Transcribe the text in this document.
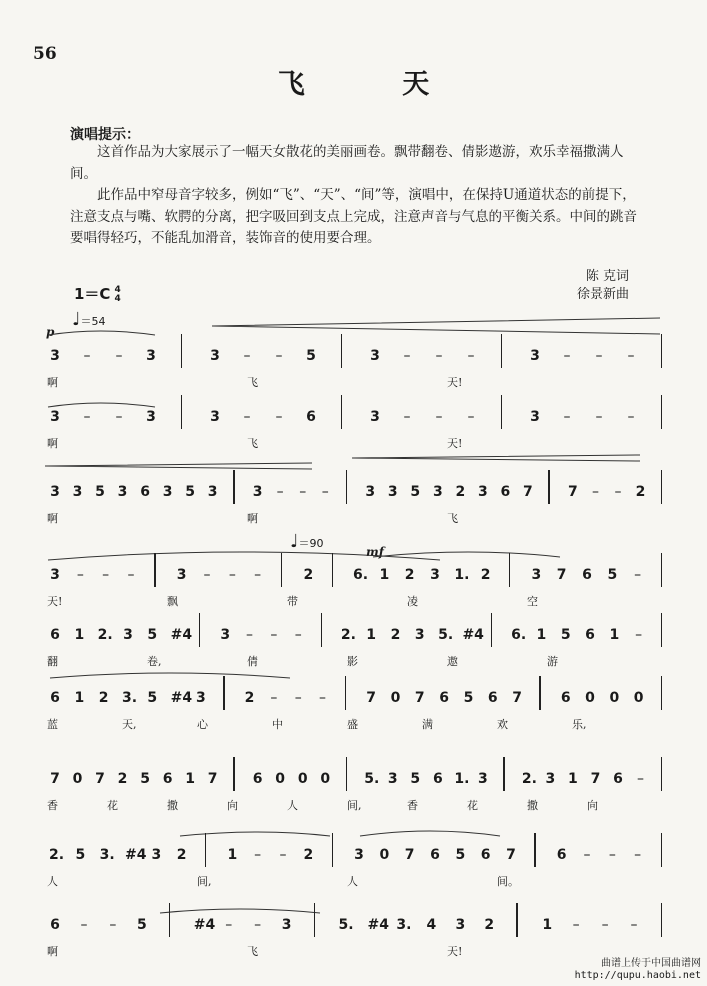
56
飞 天
演唱提示：

这首作品为大家展示了一幅天女散花的美丽画卷。飘带翻卷、倩影遨游，欢乐幸福撒满人间。

此作品中窄母音字较多，例如“飞”、“天”、“间”等，演唱中，在保持U通道状态的前提下，注意支点与嘴、软腭的分离，把字吸回到支点上完成，注意声音与气息的平衡关系。中间的跳音要唱得轻巧，不能乱加滑音，装饰音的使用要合理。

陈 克词
徐景新曲
1＝C 4
4
♩＝54
p
♩＝90
mf
3 – – 3	3 – – 5	3 – – –	3 – – –
啊	飞	天!
3 – – 3	3 – – 6	3 – – –	3 – – –
啊	飞	天!
3 3 5 3 6 3 5 3	3 – – –	3 3 5 3 2 3 6 7	7 – – 2
啊	啊	飞
3 – – –	3 – – –	2	6. 1 2 3 1. 2	3 7 6 5 –
天!	飘	带	凌	空
6 1 2. 3 5 #4 3 – – –	2. 1 2 3 5. #4 6. 1 5 6 1 –
翻	卷,	倩	影	遨	游
6 1 2 3. 5 #4 3	2 – – –	7 0 7 6 5 6 7	6 0 0 0
蓝	天,	心	中	盛	满	欢	乐,
7 0 7 2 5 6 1 7	6 0 0 0 5. 3 5 6 1. 3 2. 3 1 7 6 –
香	花	撒	向	人	间,	香	花	撒	向
2. 5 3. #4 3 2	1 – – 2	3 0 7 6 5 6 7	6 – – –
人	间,	人	间。
6 – – 5	#4 – – 3	5. #4 3. 4 3 2	1 – – –
啊	飞	天!
曲谱上传于中国曲谱网
http://qupu.haobi.net
